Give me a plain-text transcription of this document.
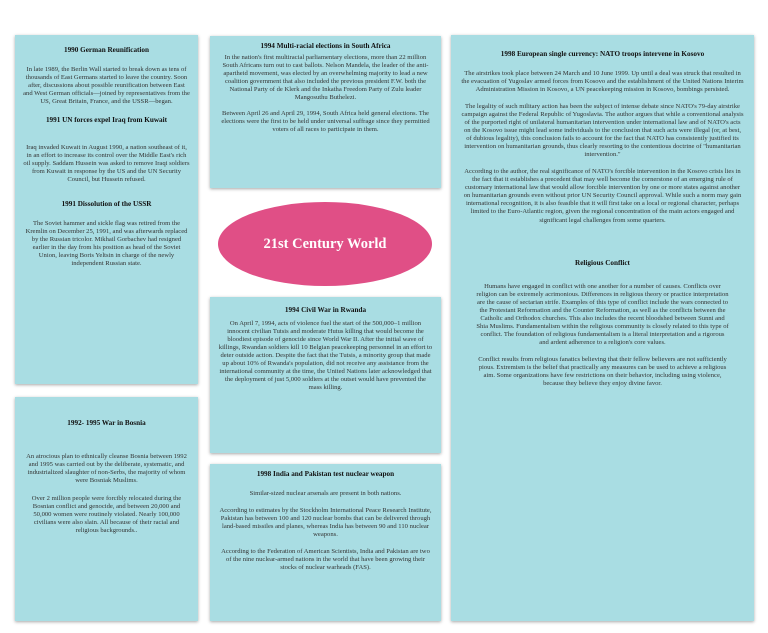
1990 German Reunification

In late 1989, the Berlin Wall started to break down as tens of thousands of East Germans started to leave the country. Soon after, discussions about possible reunification between East and West German officials—joined by representatives from the US, Great Britain, France, and the USSR—began.

1991 UN forces expel Iraq from Kuwait

Iraq invaded Kuwait in August 1990, a nation southeast of it, in an effort to increase its control over the Middle East's rich oil supply. Saddam Hussein was asked to remove Iraqi soldiers from Kuwait in response by the US and the UN Security Council, but Hussein refused.

1991 Dissolution of the USSR

The Soviet hammer and sickle flag was retired from the Kremlin on December 25, 1991, and was afterwards replaced by the Russian tricolor. Mikhail Gorbachev had resigned earlier in the day from his position as head of the Soviet Union, leaving Boris Yeltsin in charge of the newly independent Russian state.

1992- 1995 War in Bosnia

An atrocious plan to ethnically cleanse Bosnia between 1992 and 1995 was carried out by the deliberate, systematic, and industrialized slaughter of non-Serbs, the majority of whom were Bosniak Muslims.

Over 2 million people were forcibly relocated during the Bosnian conflict and genocide, and between 20,000 and 50,000 women were routinely violated. Nearly 100,000 civilians were also slain. All because of their racial and religious backgrounds..

1994 Multi-racial elections in South Africa

In the nation's first multiracial parliamentary elections, more than 22 million South Africans turn out to cast ballots. Nelson Mandela, the leader of the anti-apartheid movement, was elected by an overwhelming majority to lead a new coalition government that also included the previous president F.W. both the National Party of de Klerk and the Inkatha Freedom Party of Zulu leader Mangosuthu Buthelezi.

Between April 26 and April 29, 1994, South Africa held general elections. The elections were the first to be held under universal suffrage since they permitted voters of all races to participate in them.

21st Century World

1994 Civil War in Rwanda

On April 7, 1994, acts of violence fuel the start of the 500,000–1 million innocent civilian Tutsis and moderate Hutus killing that would become the bloodiest episode of genocide since World War II. After the initial wave of killings, Rwandan soldiers kill 10 Belgian peacekeeping personnel in an effort to deter outside action. Despite the fact that the Tutsis, a minority group that made up about 10% of Rwanda's population, did not receive any assistance from the international community at the time, the United Nations later acknowledged that the deployment of just 5,000 soldiers at the outset would have prevented the mass killing.

1998 India and Pakistan test nuclear weapon

Similar-sized nuclear arsenals are present in both nations.

According to estimates by the Stockholm International Peace Research Institute, Pakistan has between 100 and 120 nuclear bombs that can be delivered through land-based missiles and planes, whereas India has between 90 and 110 nuclear weapons.

According to the Federation of American Scientists, India and Pakistan are two of the nine nuclear-armed nations in the world that have been growing their stocks of nuclear warheads (FAS).

1998 European single currency: NATO troops intervene in Kosovo

The airstrikes took place between 24 March and 10 June 1999. Up until a deal was struck that resulted in the evacuation of Yugoslav armed forces from Kosovo and the establishment of the United Nations Interim Administration Mission in Kosovo, a UN peacekeeping mission in Kosovo, bombings persisted.

The legality of such military action has been the subject of intense debate since NATO's 79-day airstrike campaign against the Federal Republic of Yugoslavia. The author argues that while a conventional analysis of the purported right of unilateral humanitarian intervention under international law and of NATO's acts on the Kosovo issue might lead some individuals to the conclusion that such acts were illegal (or, at best, of dubious legality), this conclusion fails to account for the fact that NATO has consistently justified its intervention on humanitarian grounds, thus clearly resorting to the contentious doctrine of "humanitarian intervention."

According to the author, the real significance of NATO's forcible intervention in the Kosovo crisis lies in the fact that it establishes a precedent that may well become the cornerstone of an emerging rule of customary international law that would allow forcible intervention by one or more states against another on humanitarian grounds even without prior UN Security Council approval. While such a norm may gain international recognition, it is also feasible that it will first take on a local or regional character, perhaps limited to the Euro-Atlantic region, given the regional concentration of the main actors engaged and significant legal challenges from some quarters.

Religious Conflict

Humans have engaged in conflict with one another for a number of causes. Conflicts over religion can be extremely acrimonious. Differences in religious theory or practice interpretation are the cause of sectarian strife. Examples of this type of conflict include the wars connected to the Protestant Reformation and the Counter Reformation, as well as the conflicts between the Catholic and Orthodox churches. This also includes the recent bloodshed between Sunni and Shia Muslims. Fundamentalism within the religious community is closely related to this type of conflict. The foundation of religious fundamentalism is a literal interpretation and a rigorous and ardent adherence to a religion's core values.

Conflict results from religious fanatics believing that their fellow believers are not sufficiently pious. Extremism is the belief that practically any measures can be used to achieve a religious aim. Some organizations have few restrictions on their behavior, including using violence, because they believe they enjoy divine favor.
